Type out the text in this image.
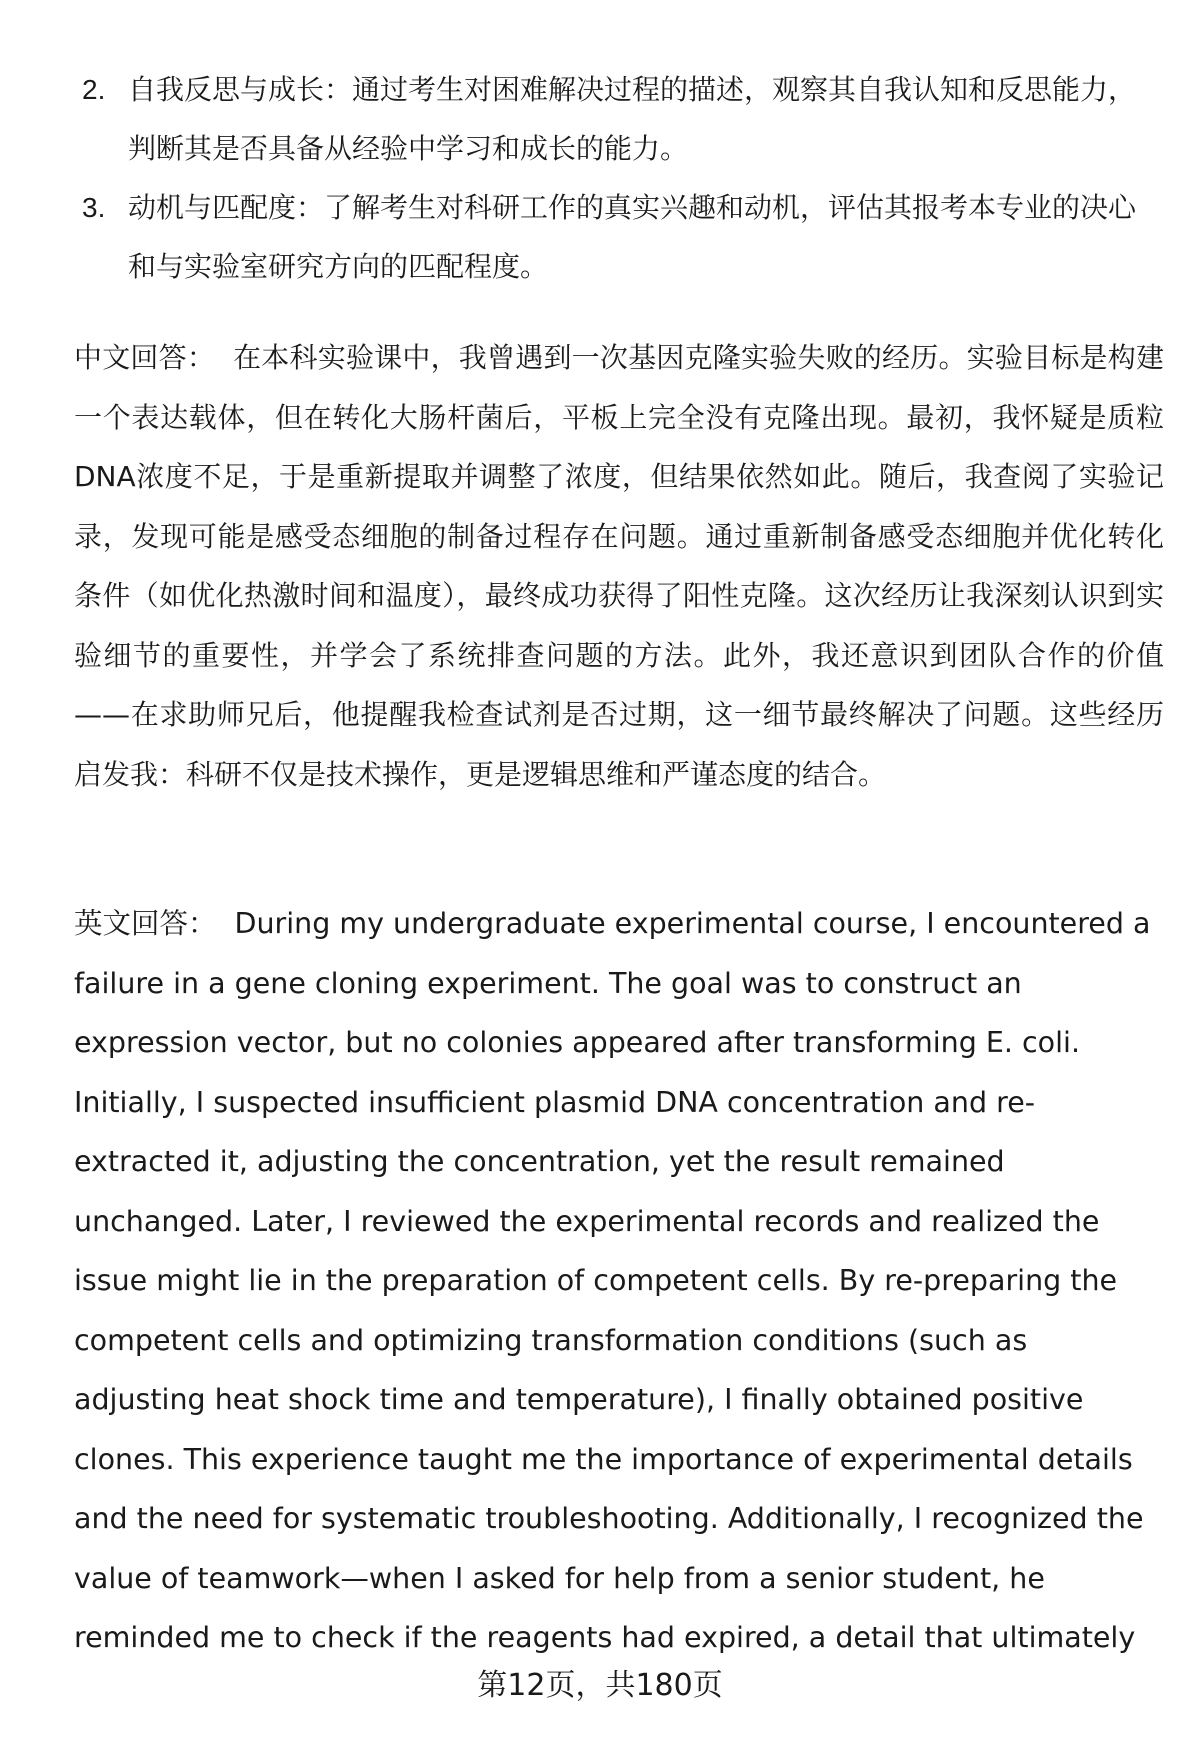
2. 自我反思与成长：通过考生对困难解决过程的描述，观察其自我认知和反思能力，判断其是否具备从经验中学习和成长的能力。
3. 动机与匹配度：了解考生对科研工作的真实兴趣和动机，评估其报考本专业的决心和与实验室研究方向的匹配程度。
中文回答： 在本科实验课中，我曾遇到一次基因克隆实验失败的经历。实验目标是构建一个表达载体，但在转化大肠杆菌后，平板上完全没有克隆出现。最初，我怀疑是质粒DNA浓度不足，于是重新提取并调整了浓度，但结果依然如此。随后，我查阅了实验记录，发现可能是感受态细胞的制备过程存在问题。通过重新制备感受态细胞并优化转化条件（如优化热激时间和温度），最终成功获得了阳性克隆。这次经历让我深刻认识到实验细节的重要性，并学会了系统排查问题的方法。此外，我还意识到团队合作的价值——在求助师兄后，他提醒我检查试剂是否过期，这一细节最终解决了问题。这些经历启发我：科研不仅是技术操作，更是逻辑思维和严谨态度的结合。
英文回答： During my undergraduate experimental course, I encountered a failure in a gene cloning experiment. The goal was to construct an expression vector, but no colonies appeared after transforming E. coli. Initially, I suspected insufficient plasmid DNA concentration and re-extracted it, adjusting the concentration, yet the result remained unchanged. Later, I reviewed the experimental records and realized the issue might lie in the preparation of competent cells. By re-preparing the competent cells and optimizing transformation conditions (such as adjusting heat shock time and temperature), I finally obtained positive clones. This experience taught me the importance of experimental details and the need for systematic troubleshooting. Additionally, I recognized the value of teamwork—when I asked for help from a senior student, he reminded me to check if the reagents had expired, a detail that ultimately
第12页，共180页
